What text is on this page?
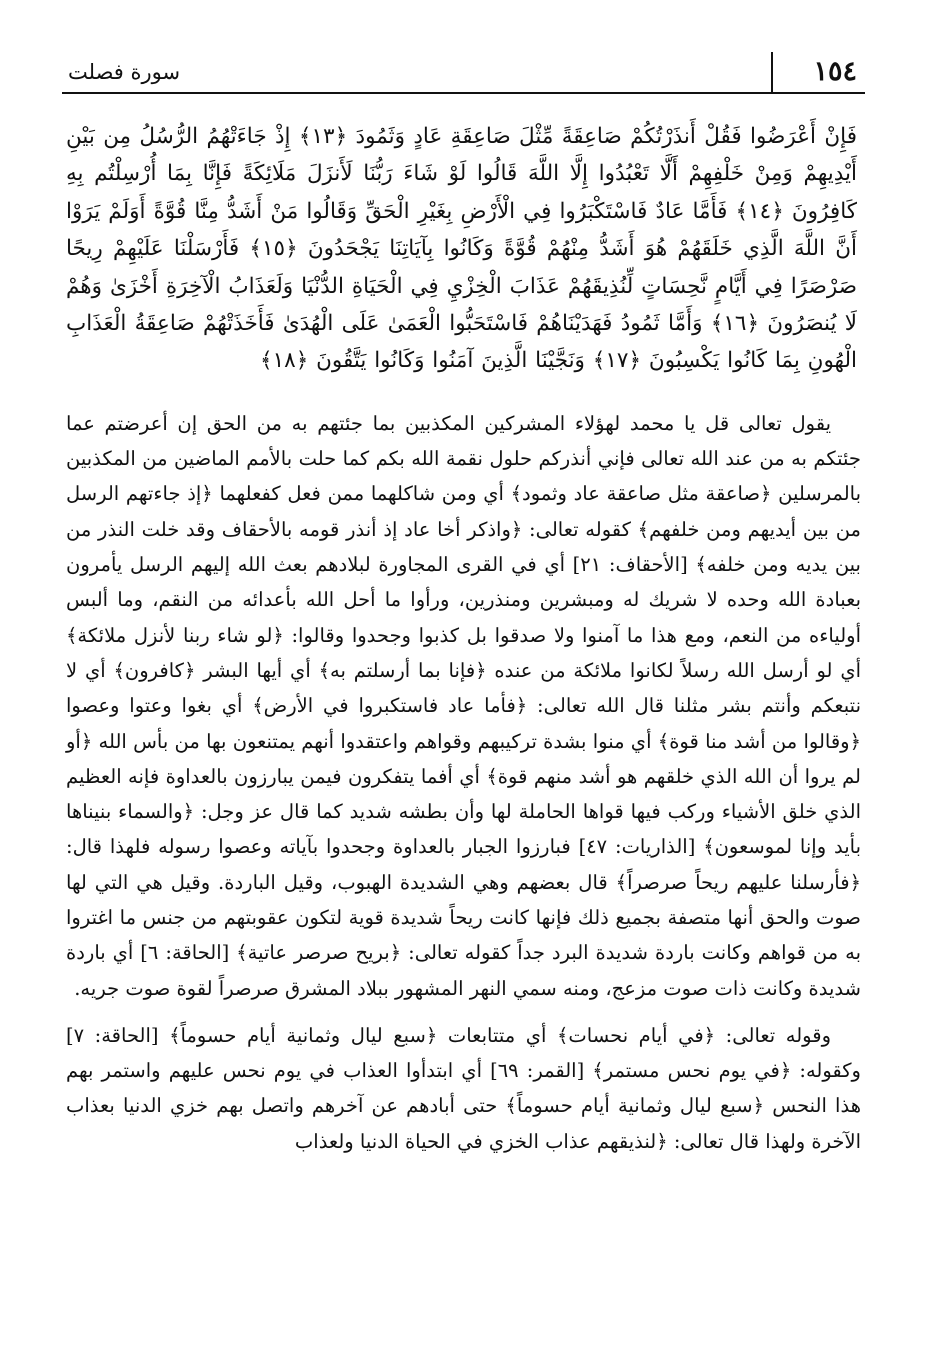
١٥٤
سورة فصلت
فَإِنْ أَعْرَضُوا فَقُلْ أَنذَرْتُكُمْ صَاعِقَةً مِّثْلَ صَاعِقَةِ عَادٍ وَثَمُودَ ﴿١٣﴾ إِذْ جَاءَتْهُمُ الرُّسُلُ مِن بَيْنِ أَيْدِيهِمْ وَمِنْ خَلْفِهِمْ أَلَّا تَعْبُدُوا إِلَّا اللَّهَ قَالُوا لَوْ شَاءَ رَبُّنَا لَأَنزَلَ مَلَائِكَةً فَإِنَّا بِمَا أُرْسِلْتُم بِهِ كَافِرُونَ ﴿١٤﴾ فَأَمَّا عَادٌ فَاسْتَكْبَرُوا فِي الْأَرْضِ بِغَيْرِ الْحَقِّ وَقَالُوا مَنْ أَشَدُّ مِنَّا قُوَّةً أَوَلَمْ يَرَوْا أَنَّ اللَّهَ الَّذِي خَلَقَهُمْ هُوَ أَشَدُّ مِنْهُمْ قُوَّةً وَكَانُوا بِآيَاتِنَا يَجْحَدُونَ ﴿١٥﴾ فَأَرْسَلْنَا عَلَيْهِمْ رِيحًا صَرْصَرًا فِي أَيَّامٍ نَّحِسَاتٍ لِّنُذِيقَهُمْ عَذَابَ الْخِزْيِ فِي الْحَيَاةِ الدُّنْيَا وَلَعَذَابُ الْآخِرَةِ أَخْزَىٰ وَهُمْ لَا يُنصَرُونَ ﴿١٦﴾ وَأَمَّا ثَمُودُ فَهَدَيْنَاهُمْ فَاسْتَحَبُّوا الْعَمَىٰ عَلَى الْهُدَىٰ فَأَخَذَتْهُمْ صَاعِقَةُ الْعَذَابِ الْهُونِ بِمَا كَانُوا يَكْسِبُونَ ﴿١٧﴾ وَنَجَّيْنَا الَّذِينَ آمَنُوا وَكَانُوا يَتَّقُونَ ﴿١٨﴾

يقول تعالى قل يا محمد لهؤلاء المشركين المكذبين بما جئتهم به من الحق إن أعرضتم عما جئتكم به من عند الله تعالى فإني أنذركم حلول نقمة الله بكم كما حلت بالأمم الماضين من المكذبين بالمرسلين ﴿صاعقة مثل صاعقة عاد وثمود﴾ أي ومن شاكلهما ممن فعل كفعلهما ﴿إذ جاءتهم الرسل من بين أيديهم ومن خلفهم﴾ كقوله تعالى: ﴿واذكر أخا عاد إذ أنذر قومه بالأحقاف وقد خلت النذر من بين يديه ومن خلفه﴾ [الأحقاف: ٢١] أي في القرى المجاورة لبلادهم بعث الله إليهم الرسل يأمرون بعبادة الله وحده لا شريك له ومبشرين ومنذرين، ورأوا ما أحل الله بأعدائه من النقم، وما ألبس أولياءه من النعم، ومع هذا ما آمنوا ولا صدقوا بل كذبوا وجحدوا وقالوا: ﴿لو شاء ربنا لأنزل ملائكة﴾ أي لو أرسل الله رسلاً لكانوا ملائكة من عنده ﴿فإنا بما أرسلتم به﴾ أي أيها البشر ﴿كافرون﴾ أي لا نتبعكم وأنتم بشر مثلنا قال الله تعالى: ﴿فأما عاد فاستكبروا في الأرض﴾ أي بغوا وعتوا وعصوا ﴿وقالوا من أشد منا قوة﴾ أي منوا بشدة تركيبهم وقواهم واعتقدوا أنهم يمتنعون بها من بأس الله ﴿أو لم يروا أن الله الذي خلقهم هو أشد منهم قوة﴾ أي أفما يتفكرون فيمن يبارزون بالعداوة فإنه العظيم الذي خلق الأشياء وركب فيها قواها الحاملة لها وأن بطشه شديد كما قال عز وجل: ﴿والسماء بنيناها بأيد وإنا لموسعون﴾ [الذاريات: ٤٧] فبارزوا الجبار بالعداوة وجحدوا بآياته وعصوا رسوله فلهذا قال: ﴿فأرسلنا عليهم ريحاً صرصراً﴾ قال بعضهم وهي الشديدة الهبوب، وقيل الباردة. وقيل هي التي لها صوت والحق أنها متصفة بجميع ذلك فإنها كانت ريحاً شديدة قوية لتكون عقوبتهم من جنس ما اغتروا به من قواهم وكانت باردة شديدة البرد جداً كقوله تعالى: ﴿بريح صرصر عاتية﴾ [الحاقة: ٦] أي باردة شديدة وكانت ذات صوت مزعج، ومنه سمي النهر المشهور ببلاد المشرق صرصراً لقوة صوت جريه.

وقوله تعالى: ﴿في أيام نحسات﴾ أي متتابعات ﴿سبع ليال وثمانية أيام حسوماً﴾ [الحاقة: ٧] وكقوله: ﴿في يوم نحس مستمر﴾ [القمر: ٦٩] أي ابتدأوا العذاب في يوم نحس عليهم واستمر بهم هذا النحس ﴿سبع ليال وثمانية أيام حسوماً﴾ حتى أبادهم عن آخرهم واتصل بهم خزي الدنيا بعذاب الآخرة ولهذا قال تعالى: ﴿لنذيقهم عذاب الخزي في الحياة الدنيا ولعذاب
